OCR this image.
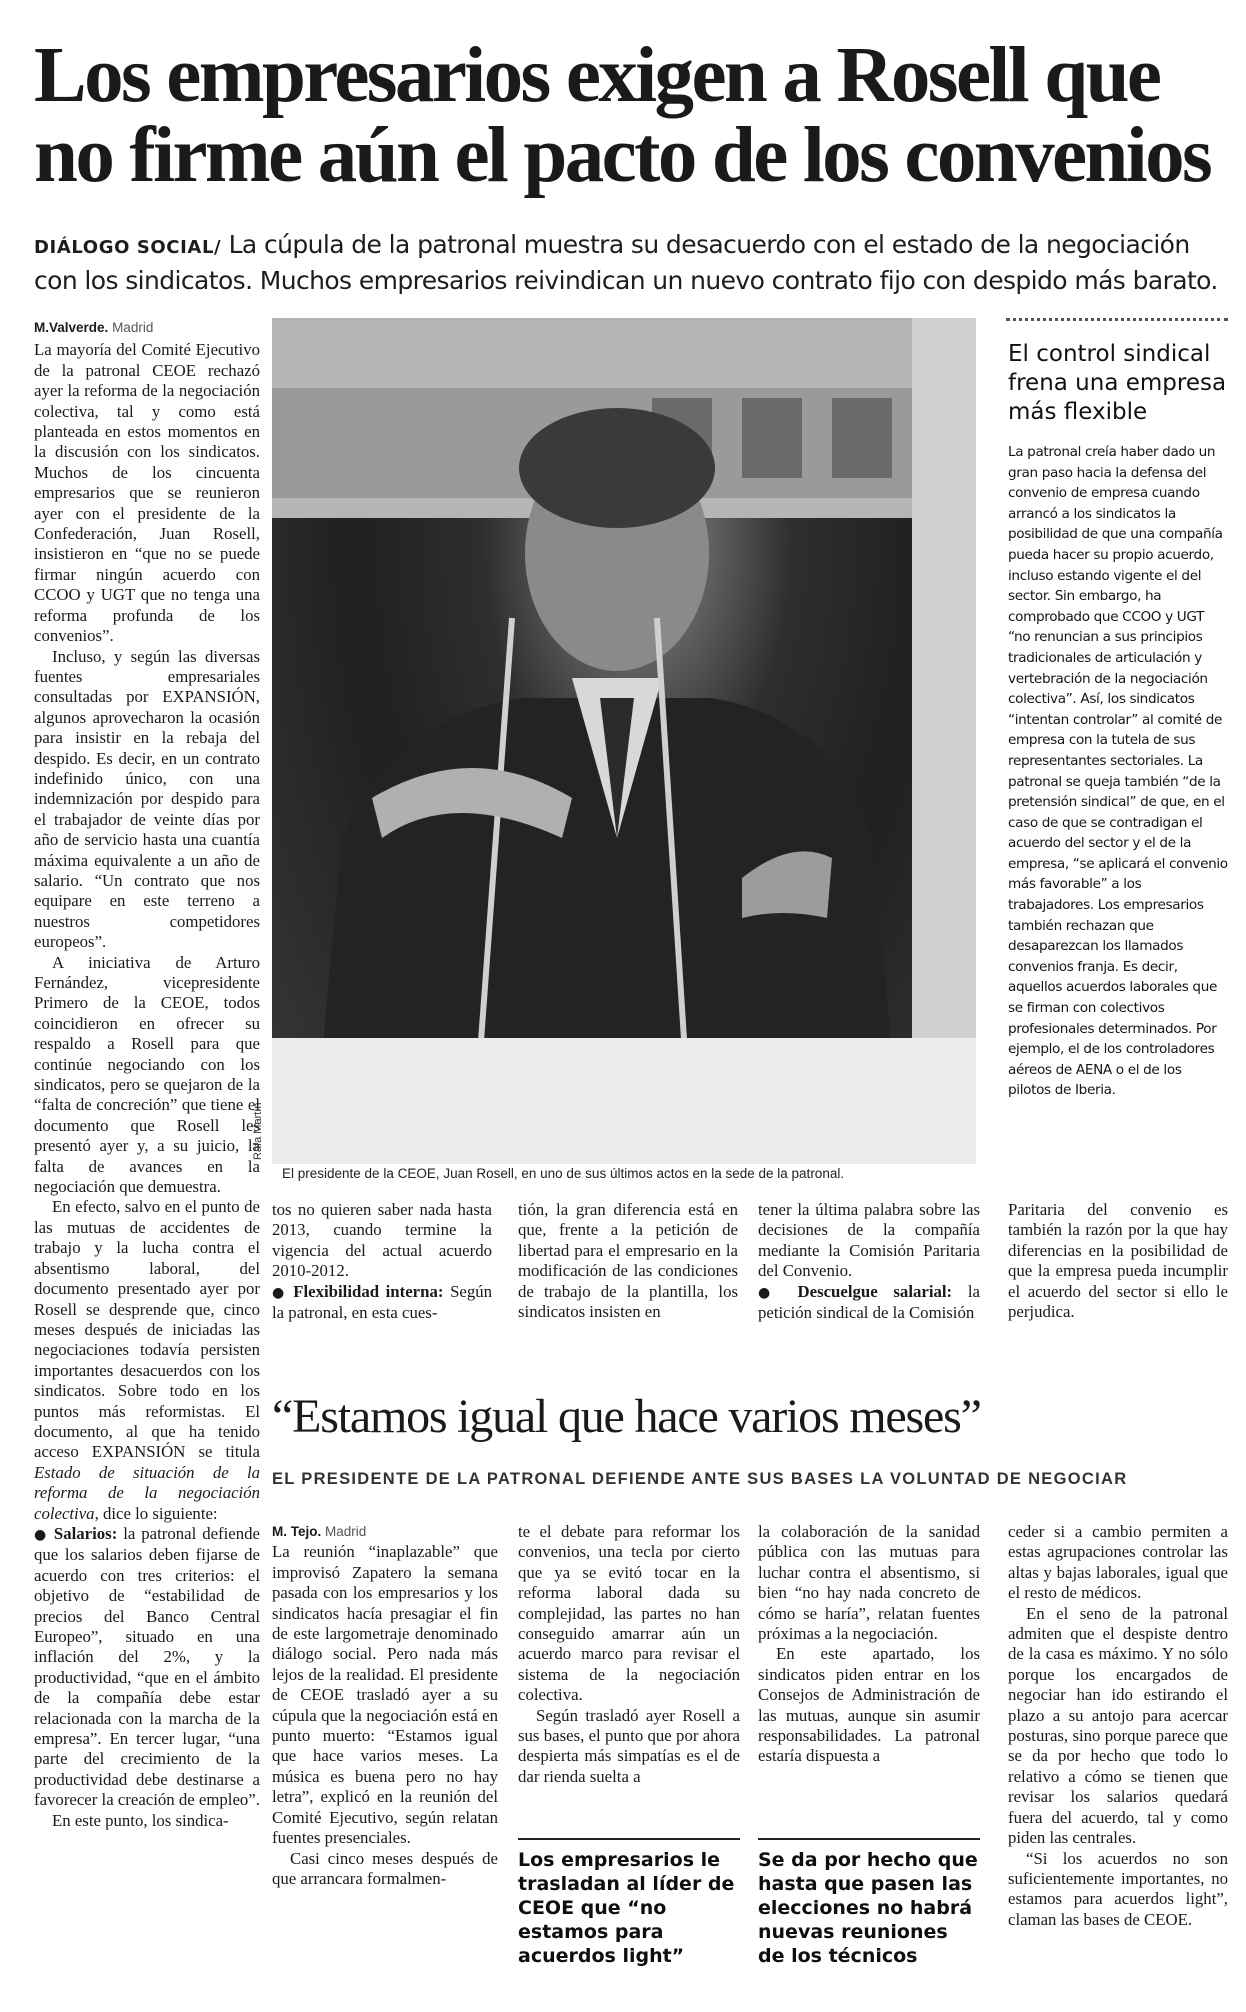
Los empresarios exigen a Rosell que no firme aún el pacto de los convenios
DIÁLOGO SOCIAL/ La cúpula de la patronal muestra su desacuerdo con el estado de la negociación con los sindicatos. Muchos empresarios reivindican un nuevo contrato fijo con despido más barato.

M.Valverde. Madrid

La mayoría del Comité Ejecutivo de la patronal CEOE rechazó ayer la reforma de la negociación colectiva, tal y como está planteada en estos momentos en la discusión con los sindicatos. Muchos de los cincuenta empresarios que se reunieron ayer con el presidente de la Confederación, Juan Rosell, insistieron en “que no se puede firmar ningún acuerdo con CCOO y UGT que no tenga una reforma profunda de los convenios”.

Incluso, y según las diversas fuentes empresariales consultadas por EXPANSIÓN, algunos aprovecharon la ocasión para insistir en la rebaja del despido. Es decir, en un contrato indefinido único, con una indemnización por despido para el trabajador de veinte días por año de servicio hasta una cuantía máxima equivalente a un año de salario. “Un contrato que nos equipare en este terreno a nuestros competidores europeos”.

A iniciativa de Arturo Fernández, vicepresidente Primero de la CEOE, todos coincidieron en ofrecer su respaldo a Rosell para que continúe negociando con los sindicatos, pero se quejaron de la “falta de concreción” que tiene el documento que Rosell les presentó ayer y, a su juicio, la falta de avances en la negociación que demuestra.

En efecto, salvo en el punto de las mutuas de accidentes de trabajo y la lucha contra el absentismo laboral, del documento presentado ayer por Rosell se desprende que, cinco meses después de iniciadas las negociaciones todavía persisten importantes desacuerdos con los sindicatos. Sobre todo en los puntos más reformistas. El documento, al que ha tenido acceso EXPANSIÓN se titula Estado de situación de la reforma de la negociación colectiva, dice lo siguiente:

● Salarios: la patronal defiende que los salarios deben fijarse de acuerdo con tres criterios: el objetivo de “estabilidad de precios del Banco Central Europeo”, situado en una inflación del 2%, y la productividad, “que en el ámbito de la compañía debe estar relacionada con la marcha de la empresa”. En tercer lugar, “una parte del crecimiento de la productividad debe destinarse a favorecer la creación de empleo”.

En este punto, los sindica-

Rafa Martín
El presidente de la CEOE, Juan Rosell, en uno de sus últimos actos en la sede de la patronal.
El control sindical frena una empresa más flexible

La patronal creía haber dado un gran paso hacia la defensa del convenio de empresa cuando arrancó a los sindicatos la posibilidad de que una compañía pueda hacer su propio acuerdo, incluso estando vigente el del sector. Sin embargo, ha comprobado que CCOO y UGT “no renuncian a sus principios tradicionales de articulación y vertebración de la negociación colectiva”. Así, los sindicatos “intentan controlar” al comité de empresa con la tutela de sus representantes sectoriales. La patronal se queja también “de la pretensión sindical” de que, en el caso de que se contradigan el acuerdo del sector y el de la empresa, “se aplicará el convenio más favorable” a los trabajadores. Los empresarios también rechazan que desaparezcan los llamados convenios franja. Es decir, aquellos acuerdos laborales que se firman con colectivos profesionales determinados. Por ejemplo, el de los controladores aéreos de AENA o el de los pilotos de Iberia.

tos no quieren saber nada hasta 2013, cuando termine la vigencia del actual acuerdo 2010-2012.

● Flexibilidad interna: Según la patronal, en esta cues-

tión, la gran diferencia está en que, frente a la petición de libertad para el empresario en la modificación de las condiciones de trabajo de la plantilla, los sindicatos insisten en

tener la última palabra sobre las decisiones de la compañía mediante la Comisión Paritaria del Convenio.

● Descuelgue salarial: la petición sindical de la Comisión

Paritaria del convenio es también la razón por la que hay diferencias en la posibilidad de que la empresa pueda incumplir el acuerdo del sector si ello le perjudica.

“Estamos igual que hace varios meses”
EL PRESIDENTE DE LA PATRONAL DEFIENDE ANTE SUS BASES LA VOLUNTAD DE NEGOCIAR

M. Tejo. Madrid

La reunión “inaplazable” que improvisó Zapatero la semana pasada con los empresarios y los sindicatos hacía presagiar el fin de este largometraje denominado diálogo social. Pero nada más lejos de la realidad. El presidente de CEOE trasladó ayer a su cúpula que la negociación está en punto muerto: “Estamos igual que hace varios meses. La música es buena pero no hay letra”, explicó en la reunión del Comité Ejecutivo, según relatan fuentes presenciales.

Casi cinco meses después de que arrancara formalmen-

te el debate para reformar los convenios, una tecla por cierto que ya se evitó tocar en la reforma laboral dada su complejidad, las partes no han conseguido amarrar aún un acuerdo marco para revisar el sistema de la negociación colectiva.

Según trasladó ayer Rosell a sus bases, el punto que por ahora despierta más simpatías es el de dar rienda suelta a

Los empresarios le trasladan al líder de CEOE que “no estamos para acuerdos light”

la colaboración de la sanidad pública con las mutuas para luchar contra el absentismo, si bien “no hay nada concreto de cómo se haría”, relatan fuentes próximas a la negociación.

En este apartado, los sindicatos piden entrar en los Consejos de Administración de las mutuas, aunque sin asumir responsabilidades. La patronal estaría dispuesta a

Se da por hecho que hasta que pasen las elecciones no habrá nuevas reuniones de los técnicos

ceder si a cambio permiten a estas agrupaciones controlar las altas y bajas laborales, igual que el resto de médicos.

En el seno de la patronal admiten que el despiste dentro de la casa es máximo. Y no sólo porque los encargados de negociar han ido estirando el plazo a su antojo para acercar posturas, sino porque parece que se da por hecho que todo lo relativo a cómo se tienen que revisar los salarios quedará fuera del acuerdo, tal y como piden las centrales.

“Si los acuerdos no son suficientemente importantes, no estamos para acuerdos light”, claman las bases de CEOE.
